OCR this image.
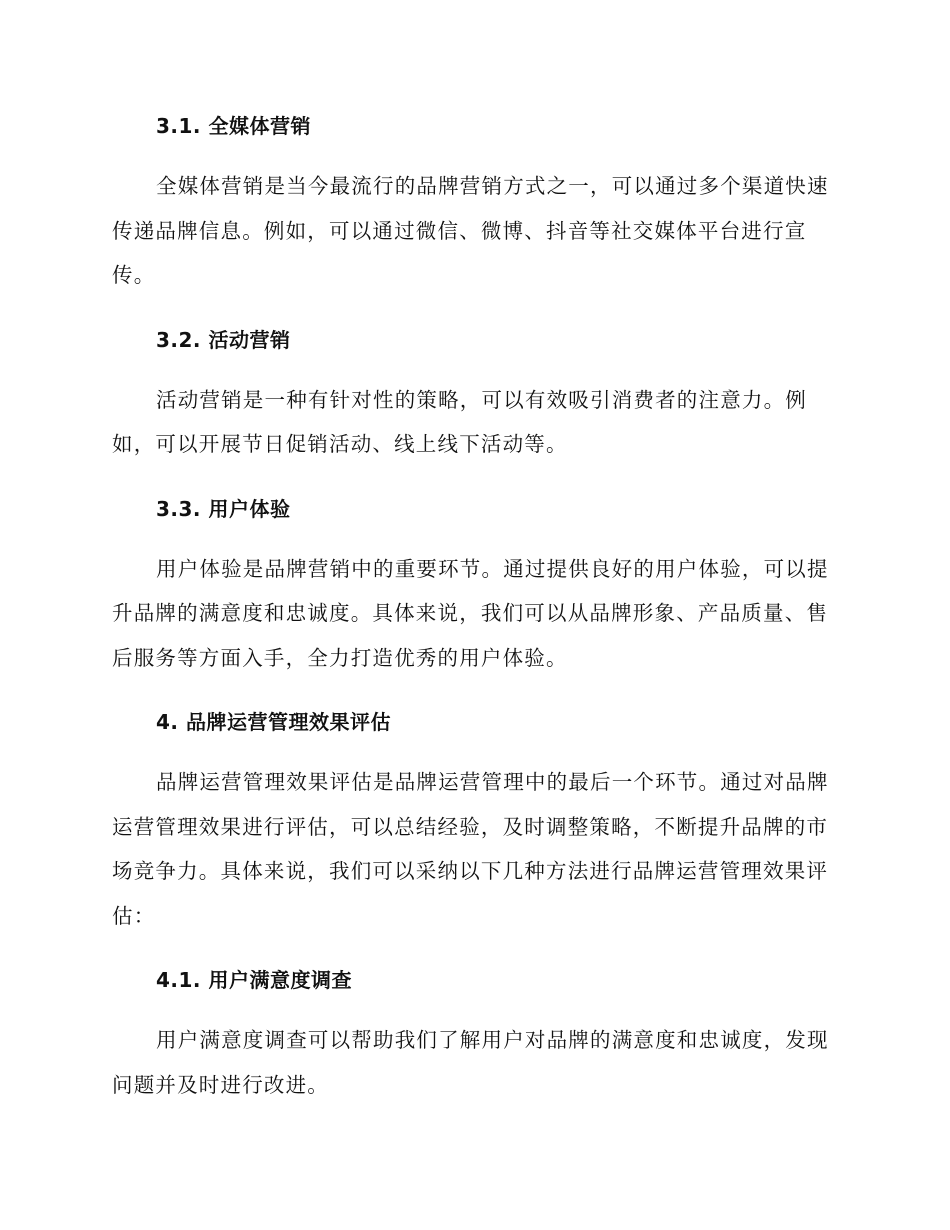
3.1. 全媒体营销
全媒体营销是当今最流行的品牌营销方式之一，可以通过多个渠道快速
传递品牌信息。例如，可以通过微信、微博、抖音等社交媒体平台进行宣
传。
3.2. 活动营销
活动营销是一种有针对性的策略，可以有效吸引消费者的注意力。例
如，可以开展节日促销活动、线上线下活动等。
3.3. 用户体验
用户体验是品牌营销中的重要环节。通过提供良好的用户体验，可以提
升品牌的满意度和忠诚度。具体来说，我们可以从品牌形象、产品质量、售
后服务等方面入手，全力打造优秀的用户体验。
4. 品牌运营管理效果评估
品牌运营管理效果评估是品牌运营管理中的最后一个环节。通过对品牌
运营管理效果进行评估，可以总结经验，及时调整策略，不断提升品牌的市
场竞争力。具体来说，我们可以采纳以下几种方法进行品牌运营管理效果评
估：
4.1. 用户满意度调查
用户满意度调查可以帮助我们了解用户对品牌的满意度和忠诚度，发现
问题并及时进行改进。
